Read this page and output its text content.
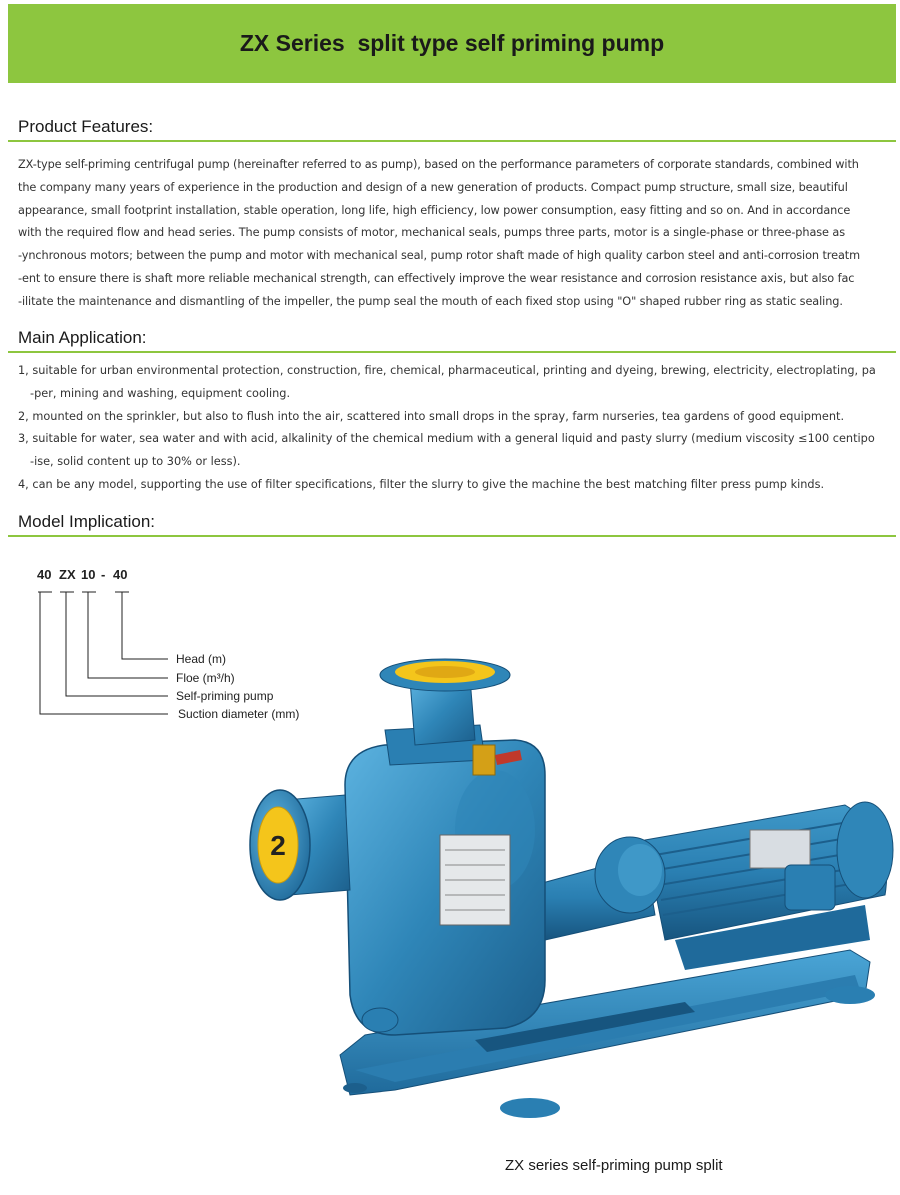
ZX Series  split type self priming pump
Product Features:
ZX-type self-priming centrifugal pump (hereinafter referred to as pump), based on the performance parameters of corporate standards, combined with
the company many years of experience in the production and design of a new generation of products. Compact pump structure, small size, beautiful
appearance, small footprint installation, stable operation, long life, high efficiency, low power consumption, easy fitting and so on. And in accordance
with the required flow and head series. The pump consists of motor, mechanical seals, pumps three parts, motor is a single-phase or three-phase as
-ynchronous motors; between the pump and motor with mechanical seal, pump rotor shaft made of high quality carbon steel and anti-corrosion treatm
-ent to ensure there is shaft more reliable mechanical strength, can effectively improve the wear resistance and corrosion resistance axis, but also fac
-ilitate the maintenance and dismantling of the impeller, the pump seal the mouth of each fixed stop using "O" shaped rubber ring as static sealing.
Main Application:
1, suitable for urban environmental protection, construction, fire, chemical, pharmaceutical, printing and dyeing, brewing, electricity, electroplating, pa
-per, mining and washing, equipment cooling.
2, mounted on the sprinkler, but also to flush into the air, scattered into small drops in the spray, farm nurseries, tea gardens of good equipment.
3, suitable for water, sea water and with acid, alkalinity of the chemical medium with a general liquid and pasty slurry (medium viscosity ≤100 centipo
-ise, solid content up to 30% or less).
4, can be any model, supporting the use of filter specifications, filter the slurry to give the machine the best matching filter press pump kinds.
Model Implication:
40 ZX 10 - 40
Head (m)
Floe (m³/h)
Self-priming pump
Suction diameter (mm)
2
ZX series self-priming pump split
